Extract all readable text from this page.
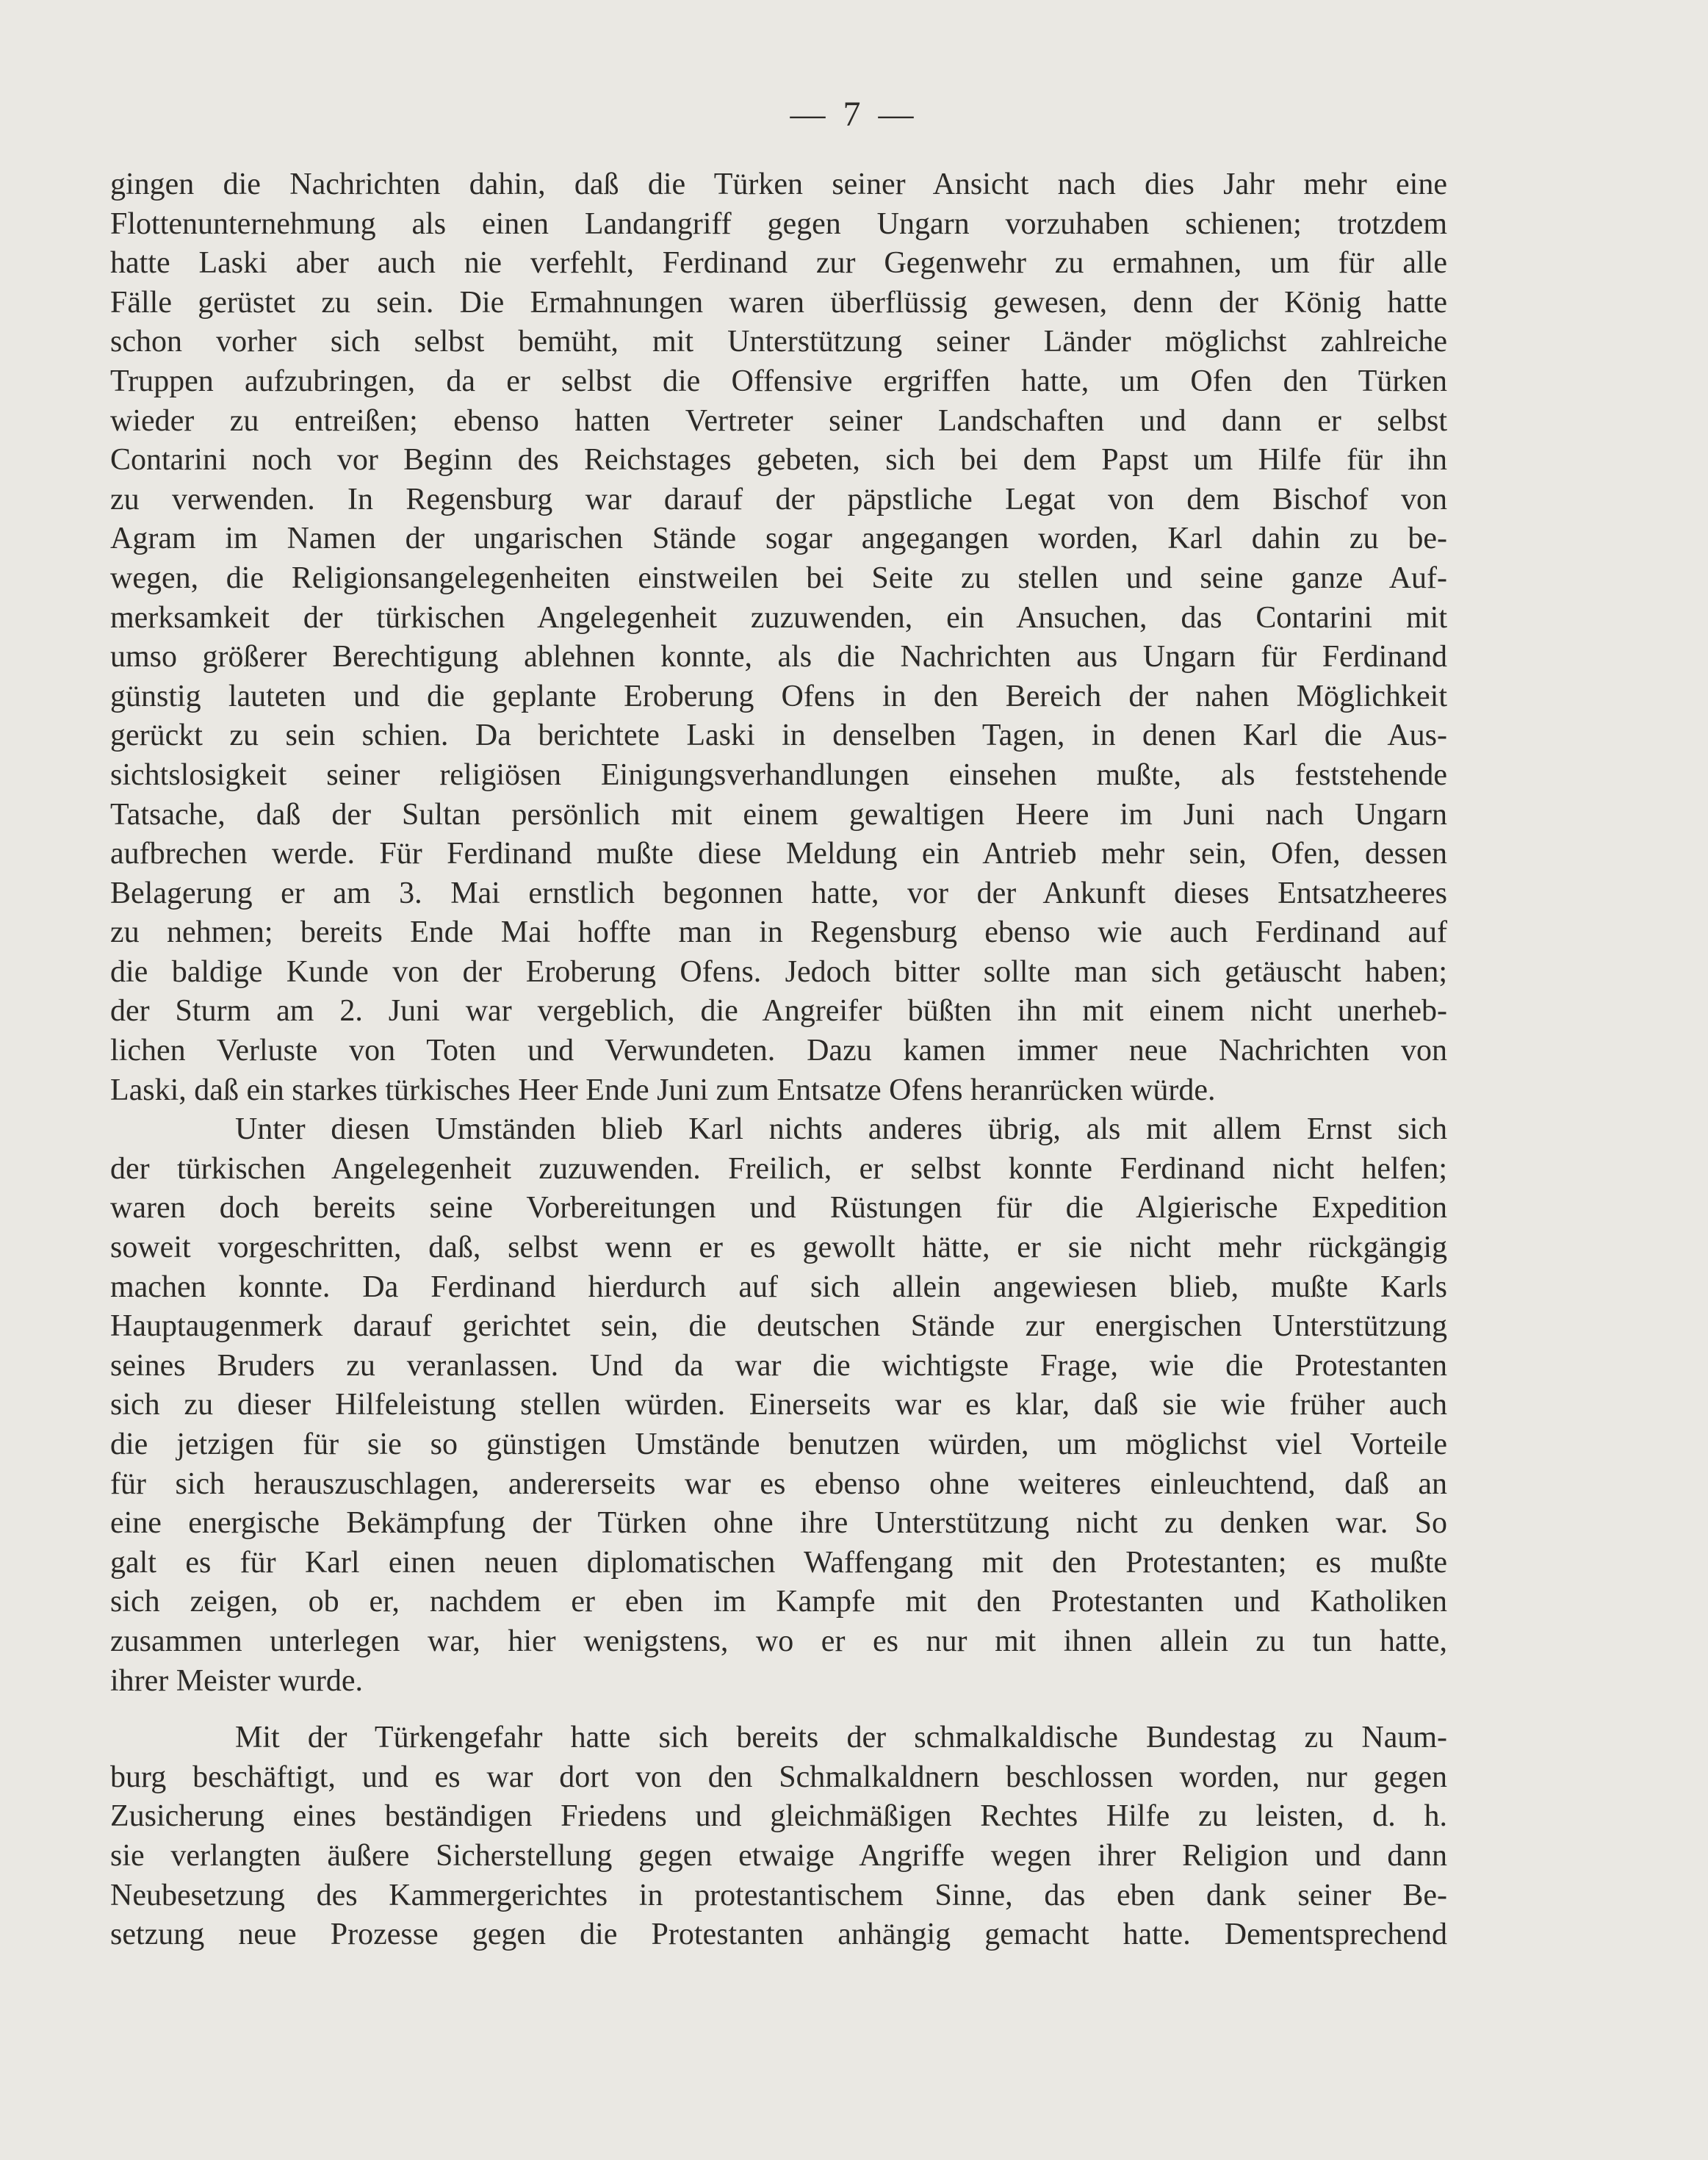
— 7 —
gingen die Nachrichten dahin, daß die Türken seiner Ansicht nach dies Jahr mehr eine
Flottenunternehmung als einen Landangriff gegen Ungarn vorzuhaben schienen; trotzdem
hatte Laski aber auch nie verfehlt, Ferdinand zur Gegenwehr zu ermahnen, um für alle
Fälle gerüstet zu sein. Die Ermahnungen waren überflüssig gewesen, denn der König hatte
schon vorher sich selbst bemüht, mit Unterstützung seiner Länder möglichst zahlreiche
Truppen aufzubringen, da er selbst die Offensive ergriffen hatte, um Ofen den Türken
wieder zu entreißen; ebenso hatten Vertreter seiner Landschaften und dann er selbst
Contarini noch vor Beginn des Reichstages gebeten, sich bei dem Papst um Hilfe für ihn
zu verwenden. In Regensburg war darauf der päpstliche Legat von dem Bischof von
Agram im Namen der ungarischen Stände sogar angegangen worden, Karl dahin zu be-
wegen, die Religionsangelegenheiten einstweilen bei Seite zu stellen und seine ganze Auf-
merksamkeit der türkischen Angelegenheit zuzuwenden, ein Ansuchen, das Contarini mit
umso größerer Berechtigung ablehnen konnte, als die Nachrichten aus Ungarn für Ferdinand
günstig lauteten und die geplante Eroberung Ofens in den Bereich der nahen Möglichkeit
gerückt zu sein schien. Da berichtete Laski in denselben Tagen, in denen Karl die Aus-
sichtslosigkeit seiner religiösen Einigungsverhandlungen einsehen mußte, als feststehende
Tatsache, daß der Sultan persönlich mit einem gewaltigen Heere im Juni nach Ungarn
aufbrechen werde. Für Ferdinand mußte diese Meldung ein Antrieb mehr sein, Ofen, dessen
Belagerung er am 3. Mai ernstlich begonnen hatte, vor der Ankunft dieses Entsatzheeres
zu nehmen; bereits Ende Mai hoffte man in Regensburg ebenso wie auch Ferdinand auf
die baldige Kunde von der Eroberung Ofens. Jedoch bitter sollte man sich getäuscht haben;
der Sturm am 2. Juni war vergeblich, die Angreifer büßten ihn mit einem nicht unerheb-
lichen Verluste von Toten und Verwundeten. Dazu kamen immer neue Nachrichten von
Laski, daß ein starkes türkisches Heer Ende Juni zum Entsatze Ofens heranrücken würde.
Unter diesen Umständen blieb Karl nichts anderes übrig, als mit allem Ernst sich
der türkischen Angelegenheit zuzuwenden. Freilich, er selbst konnte Ferdinand nicht helfen;
waren doch bereits seine Vorbereitungen und Rüstungen für die Algierische Expedition
soweit vorgeschritten, daß, selbst wenn er es gewollt hätte, er sie nicht mehr rückgängig
machen konnte. Da Ferdinand hierdurch auf sich allein angewiesen blieb, mußte Karls
Hauptaugenmerk darauf gerichtet sein, die deutschen Stände zur energischen Unterstützung
seines Bruders zu veranlassen. Und da war die wichtigste Frage, wie die Protestanten
sich zu dieser Hilfeleistung stellen würden. Einerseits war es klar, daß sie wie früher auch
die jetzigen für sie so günstigen Umstände benutzen würden, um möglichst viel Vorteile
für sich herauszuschlagen, andererseits war es ebenso ohne weiteres einleuchtend, daß an
eine energische Bekämpfung der Türken ohne ihre Unterstützung nicht zu denken war. So
galt es für Karl einen neuen diplomatischen Waffengang mit den Protestanten; es mußte
sich zeigen, ob er, nachdem er eben im Kampfe mit den Protestanten und Katholiken
zusammen unterlegen war, hier wenigstens, wo er es nur mit ihnen allein zu tun hatte,
ihrer Meister wurde.
Mit der Türkengefahr hatte sich bereits der schmalkaldische Bundestag zu Naum-
burg beschäftigt, und es war dort von den Schmalkaldnern beschlossen worden, nur gegen
Zusicherung eines beständigen Friedens und gleichmäßigen Rechtes Hilfe zu leisten, d. h.
sie verlangten äußere Sicherstellung gegen etwaige Angriffe wegen ihrer Religion und dann
Neubesetzung des Kammergerichtes in protestantischem Sinne, das eben dank seiner Be-
setzung neue Prozesse gegen die Protestanten anhängig gemacht hatte. Dementsprechend
